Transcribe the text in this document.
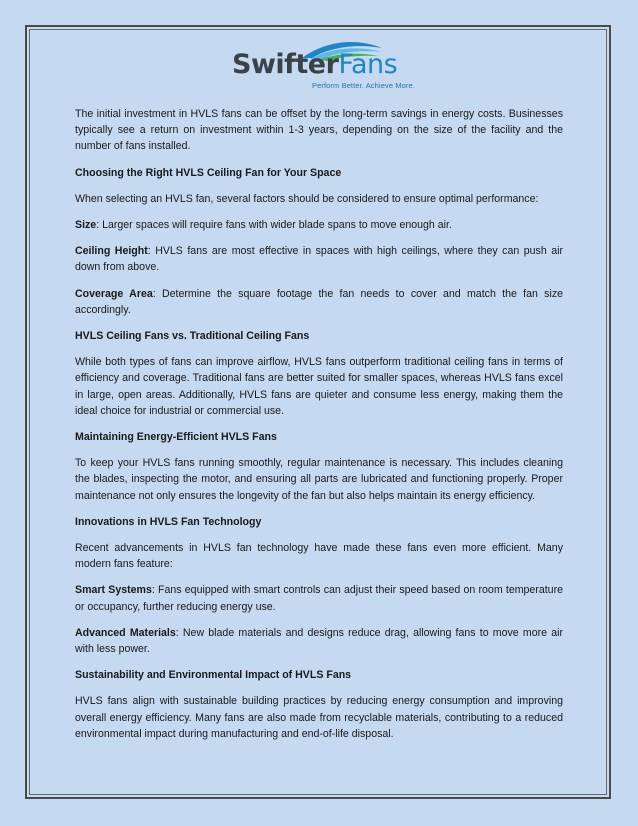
SwifterFans
Perform Better. Achieve More.

The initial investment in HVLS fans can be offset by the long-term savings in energy costs. Businesses typically see a return on investment within 1-3 years, depending on the size of the facility and the number of fans installed.

Choosing the Right HVLS Ceiling Fan for Your Space

When selecting an HVLS fan, several factors should be considered to ensure optimal performance:

Size: Larger spaces will require fans with wider blade spans to move enough air.

Ceiling Height: HVLS fans are most effective in spaces with high ceilings, where they can push air down from above.

Coverage Area: Determine the square footage the fan needs to cover and match the fan size accordingly.

HVLS Ceiling Fans vs. Traditional Ceiling Fans

While both types of fans can improve airflow, HVLS fans outperform traditional ceiling fans in terms of efficiency and coverage. Traditional fans are better suited for smaller spaces, whereas HVLS fans excel in large, open areas. Additionally, HVLS fans are quieter and consume less energy, making them the ideal choice for industrial or commercial use.

Maintaining Energy-Efficient HVLS Fans

To keep your HVLS fans running smoothly, regular maintenance is necessary. This includes cleaning the blades, inspecting the motor, and ensuring all parts are lubricated and functioning properly. Proper maintenance not only ensures the longevity of the fan but also helps maintain its energy efficiency.

Innovations in HVLS Fan Technology

Recent advancements in HVLS fan technology have made these fans even more efficient. Many modern fans feature:

Smart Systems: Fans equipped with smart controls can adjust their speed based on room temperature or occupancy, further reducing energy use.

Advanced Materials: New blade materials and designs reduce drag, allowing fans to move more air with less power.

Sustainability and Environmental Impact of HVLS Fans

HVLS fans align with sustainable building practices by reducing energy consumption and improving overall energy efficiency. Many fans are also made from recyclable materials, contributing to a reduced environmental impact during manufacturing and end-of-life disposal.
